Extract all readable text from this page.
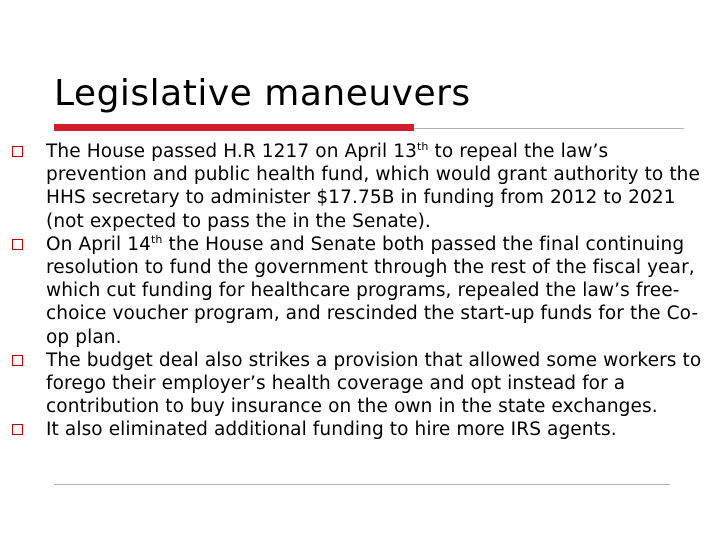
Legislative maneuvers
The House passed H.R 1217 on April 13th to repeal the law’s prevention and public health fund, which would grant authority to the HHS secretary to administer $17.75B in funding from 2012 to 2021 (not expected to pass the in the Senate).
On April 14th the House and Senate both passed the final continuing resolution to fund the government through the rest of the fiscal year, which cut funding for healthcare programs, repealed the law’s free-choice voucher program, and rescinded the start-up funds for the Co-op plan.
The budget deal also strikes a provision that allowed some workers to forego their employer’s health coverage and opt instead for a contribution to buy insurance on the own in the state exchanges.
It also eliminated additional funding to hire more IRS agents.
